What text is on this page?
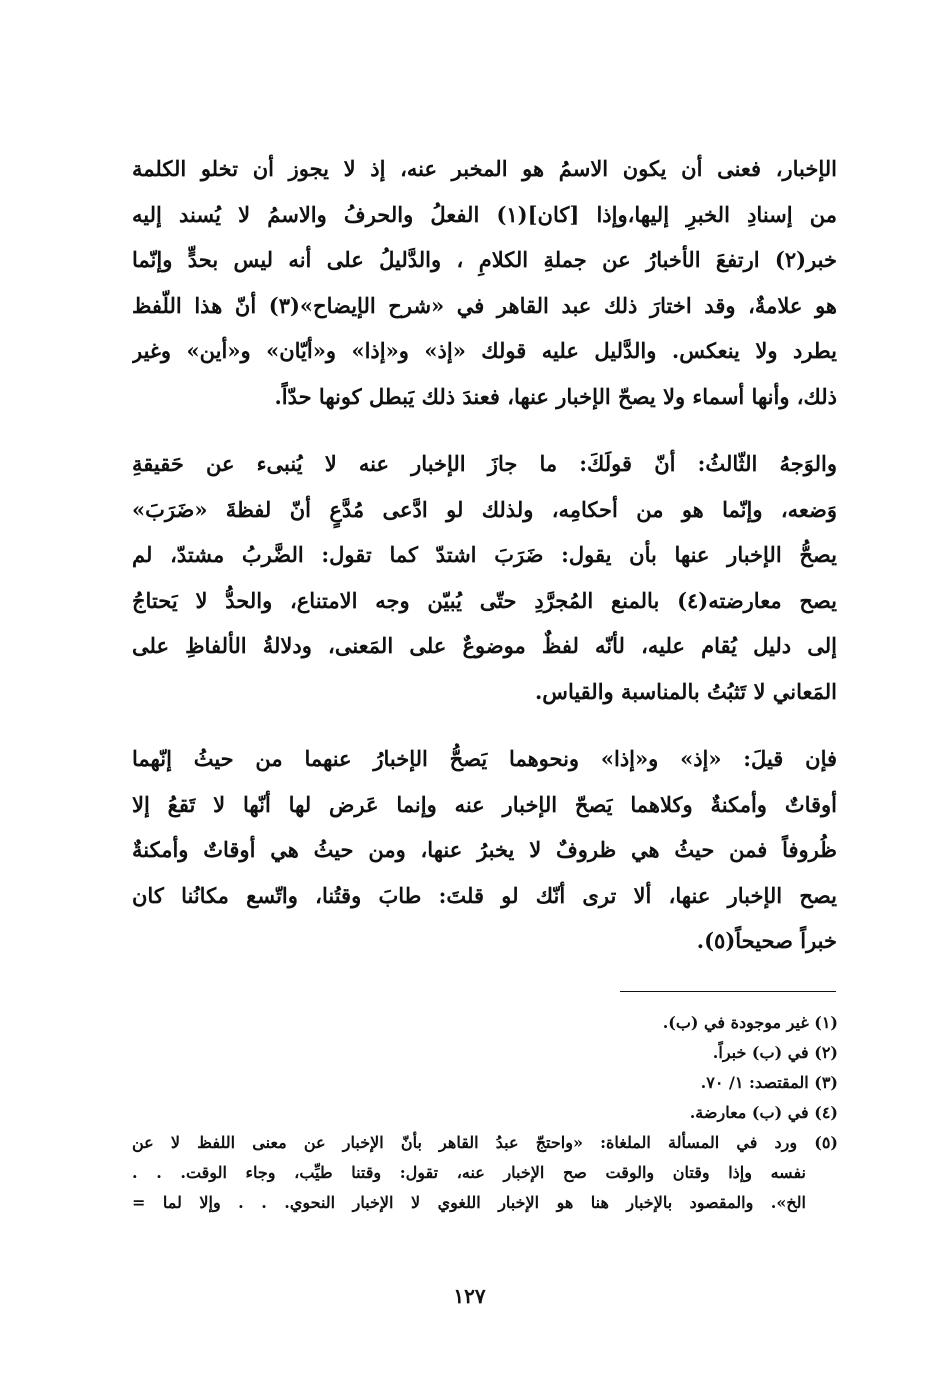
الإخبار، فعنى أن يكون الاسمُ هو المخبر عنه، إذ لا يجوز أن تخلو الكلمة
من إسنادِ الخبرِ إليها،وإذا [كان](١) الفعلُ والحرفُ والاسمُ لا يُسند إليه
خبر(٢) ارتفعَ الأخبارُ عن جملةِ الكلامِ ، والدَّليلُ على أنه ليس بحدٍّ وإنّما
هو علامةٌ، وقد اختارَ ذلك عبد القاهر في «شرح الإيضاح»(٣) أنّ هذا اللّفظ
يطرد ولا ينعكس. والدَّليل عليه قولك «إذ» و«إذا» و«أيّان» و«أين» وغير
ذلك، وأنها أسماء ولا يصحّ الإخبار عنها، فعندَ ذلك يَبطل كونها حدّاً.
والوَجهُ الثّالثُ: أنّ قولَكَ: ما جازَ الإخبار عنه لا يُنبىء عن حَقيقةِ
وَضعه، وإنّما هو من أحكامِه، ولذلك لو ادَّعى مُدَّعٍ أنّ لفظةَ «ضَرَبَ»
يصحُّ الإخبار عنها بأن يقول: ضَرَبَ اشتدّ كما تقول: الضَّربُ مشتدّ، لم
يصح معارضته(٤) بالمنع المُجرَّدِ حتّى يُبيّن وجه الامتناع، والحدُّ لا يَحتاجُ
إلى دليل يُقام عليه، لأنّه لفظٌ موضوعٌ على المَعنى، ودلالةُ الألفاظِ على
المَعاني لا تَثبُتُ بالمناسبة والقياس.
فإن قيلَ: «إذ» و«إذا» ونحوهما يَصحُّ الإخبارُ عنهما من حيثُ إنّهما
أوقاتٌ وأمكنةٌ وكلاهما يَصحّ الإخبار عنه وإنما عَرض لها أنّها لا تَقعُ إلا
ظُروفاً فمن حيثُ هي ظروفٌ لا يخبرُ عنها، ومن حيثُ هي أوقاتٌ وأمكنةٌ
يصح الإخبار عنها، ألا ترى أنّك لو قلتَ: طابَ وقتُنا، واتّسع مكانُنا كان
خبراً صحيحاً(٥).
(١) غير موجودة في (ب).
(٢) في (ب) خبراً.
(٣) المقتصد: ١/ ٧٠.
(٤) في (ب) معارضة.
(٥) ورد في المسألة الملغاة: «واحتجّ عبدُ القاهر بأنّ الإخبار عن معنى اللفظ لا عن
نفسه وإذا وقتان والوقت صح الإخبار عنه، تقول: وقتنا طيِّب، وجاء الوقت. . .
الخ». والمقصود بالإخبار هنا هو الإخبار اللغوي لا الإخبار النحوي. . . وإلا لما =
١٢٧
